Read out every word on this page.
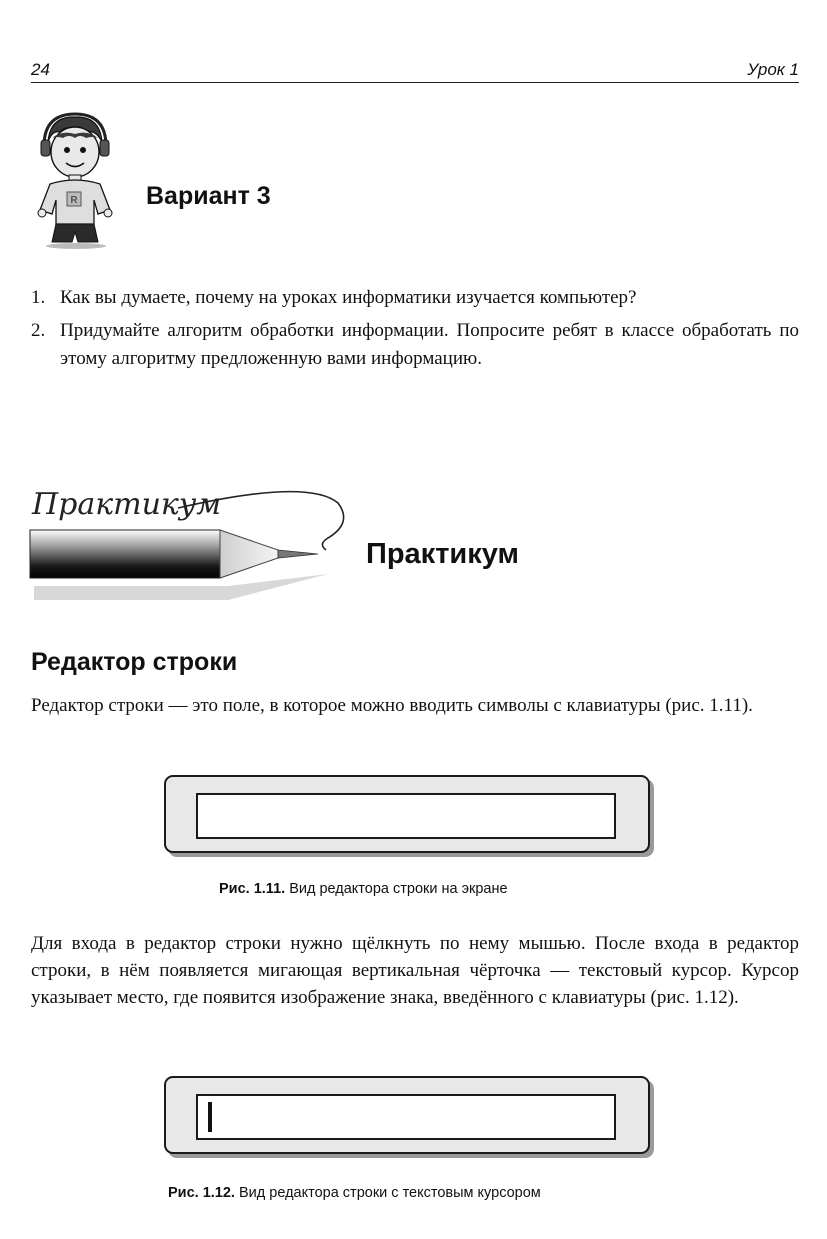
24	Урок 1
R	Вариант 3
1. Как вы думаете, почему на уроках информатики изучается компьютер?
2. Придумайте алгоритм обработки информации. Попросите ребят в классе обработать по этому алгоритму предложенную вами информацию.
Практикум
Практикум
Редактор строки
Редактор строки — это поле, в которое можно вводить символы с клавиатуры (рис. 1.11).
Рис. 1.11. Вид редактора строки на экране
Для входа в редактор строки нужно щёлкнуть по нему мышью. После входа в редактор строки, в нём появляется мигающая вертикальная чёрточка — текстовый курсор. Курсор указывает место, где появится изображение знака, введённого с клавиатуры (рис. 1.12).
Рис. 1.12. Вид редактора строки с текстовым курсором
